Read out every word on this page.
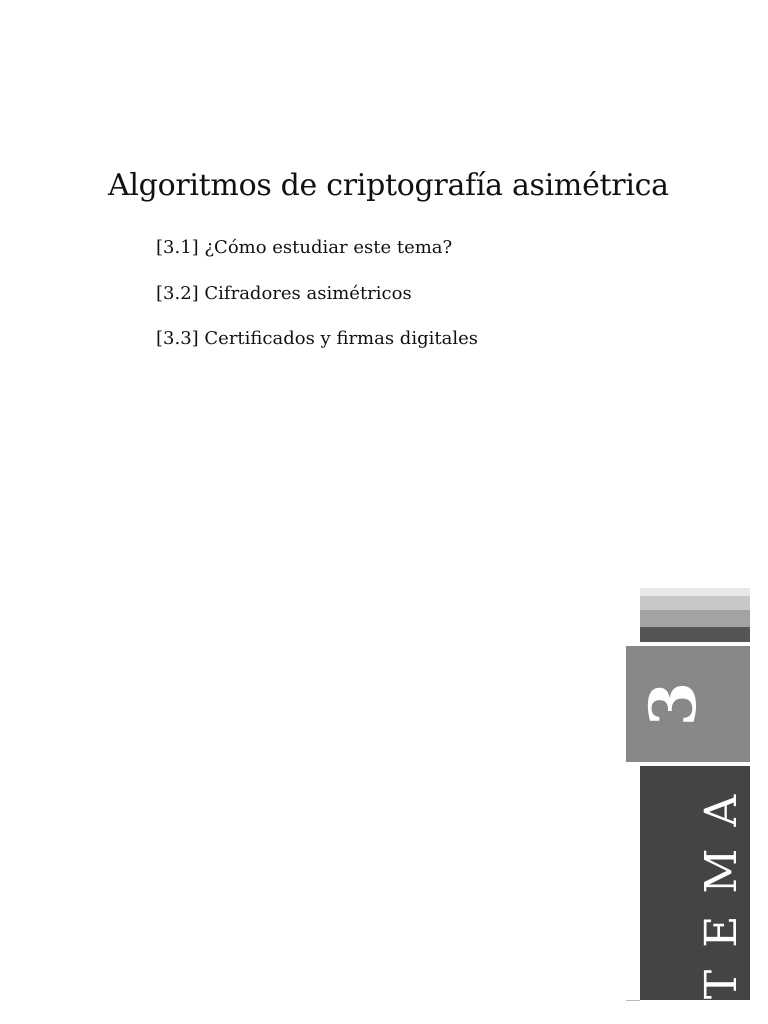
Algoritmos de criptografía asimétrica
[3.1] ¿Cómo estudiar este tema?
[3.2] Cifradores asimétricos
[3.3] Certificados y firmas digitales
3
TEMA
